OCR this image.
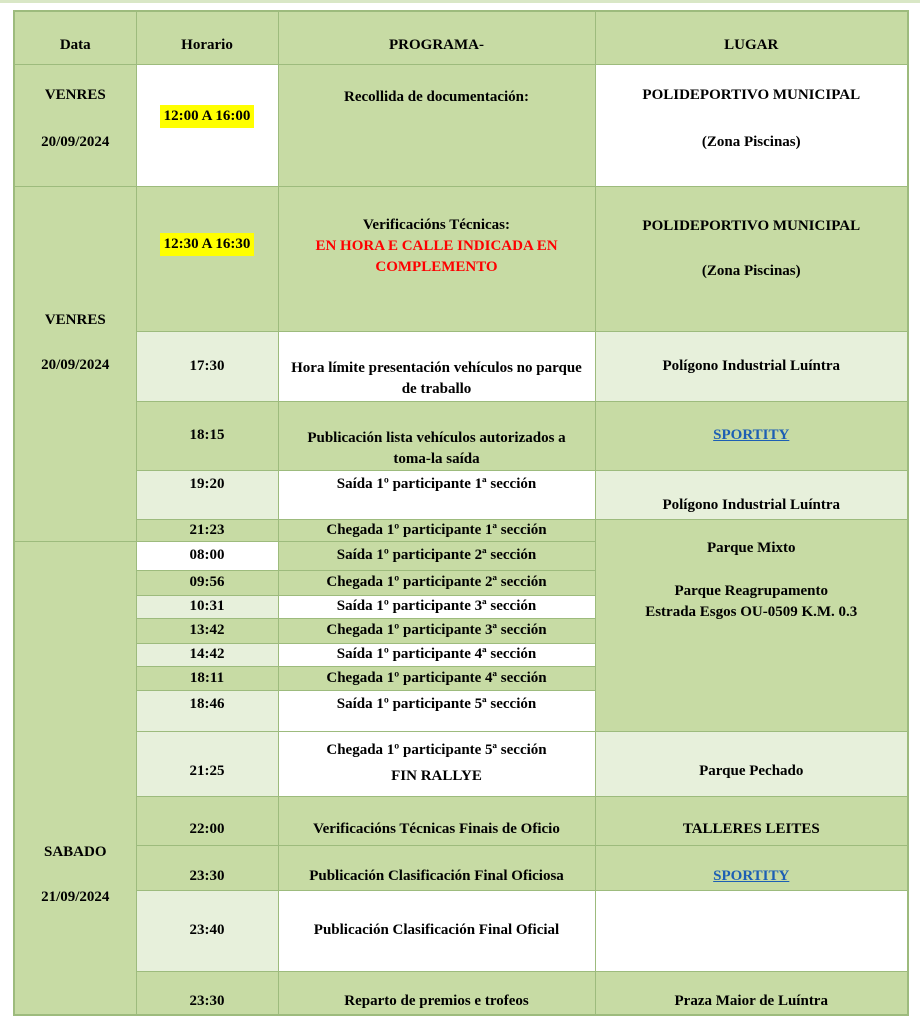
Data	Horario	PROGRAMA-	LUGAR

VENRES
20/09/2024	12:00 A 16:00	Recollida de documentación:	POLIDEPORTIVO MUNICIPAL
(Zona Piscinas)

VENRES
20/09/2024	12:30 A 16:30	Verificacións Técnicas:
EN HORA E CALLE INDICADA EN
COMPLEMENTO	POLIDEPORTIVO MUNICIPAL
(Zona Piscinas)

	17:30	Hora límite presentación vehículos no parque de traballo	Polígono Industrial Luíntra
	18:15	Publicación lista vehículos autorizados a toma-la saída	SPORTITY
	19:20	Saída 1º participante 1ª sección	Polígono Industrial Luíntra
	21:23	Chegada 1º participante 1ª sección	Parque Mixto
Parque Reagrupamento
Estrada Esgos OU-0509 K.M. 0.3

SABADO
21/09/2024	08:00	Saída 1º participante 2ª sección	
	09:56	Chegada 1º participante 2ª sección	
	10:31	Saída 1º participante 3ª sección	
	13:42	Chegada 1º participante 3ª sección	
	14:42	Saída 1º participante 4ª sección	
	18:11	Chegada 1º participante 4ª sección	
	18:46	Saída 1º participante 5ª sección	
	21:25	Chegada 1º participante 5ª sección
FIN RALLYE	Parque Pechado
	22:00	Verificacións Técnicas Finais de Oficio	TALLERES LEITES
	23:30	Publicación Clasificación Final Oficiosa	SPORTITY
	23:40	Publicación Clasificación Final Oficial	
	23:30	Reparto de premios e trofeos	Praza Maior de Luíntra
